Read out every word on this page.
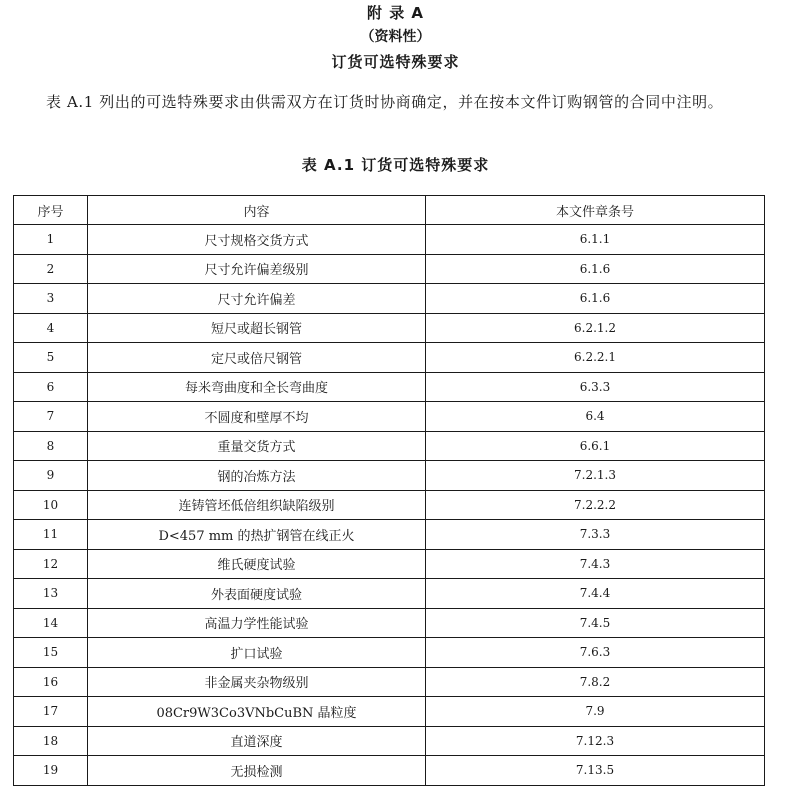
附 录 A
（资料性）
订货可选特殊要求

表 A.1 列出的可选特殊要求由供需双方在订货时协商确定，并在按本文件订购钢管的合同中注明。

表 A.1 订货可选特殊要求
序号	内容	本文件章条号
1	尺寸规格交货方式	6.1.1
2	尺寸允许偏差级别	6.1.6
3	尺寸允许偏差	6.1.6
4	短尺或超长钢管	6.2.1.2
5	定尺或倍尺钢管	6.2.2.1
6	每米弯曲度和全长弯曲度	6.3.3
7	不圆度和壁厚不均	6.4
8	重量交货方式	6.6.1
9	钢的冶炼方法	7.2.1.3
10	连铸管坯低倍组织缺陷级别	7.2.2.2
11	D<457 mm 的热扩钢管在线正火	7.3.3
12	维氏硬度试验	7.4.3
13	外表面硬度试验	7.4.4
14	高温力学性能试验	7.4.5
15	扩口试验	7.6.3
16	非金属夹杂物级别	7.8.2
17	08Cr9W3Co3VNbCuBN 晶粒度	7.9
18	直道深度	7.12.3
19	无损检测	7.13.5
